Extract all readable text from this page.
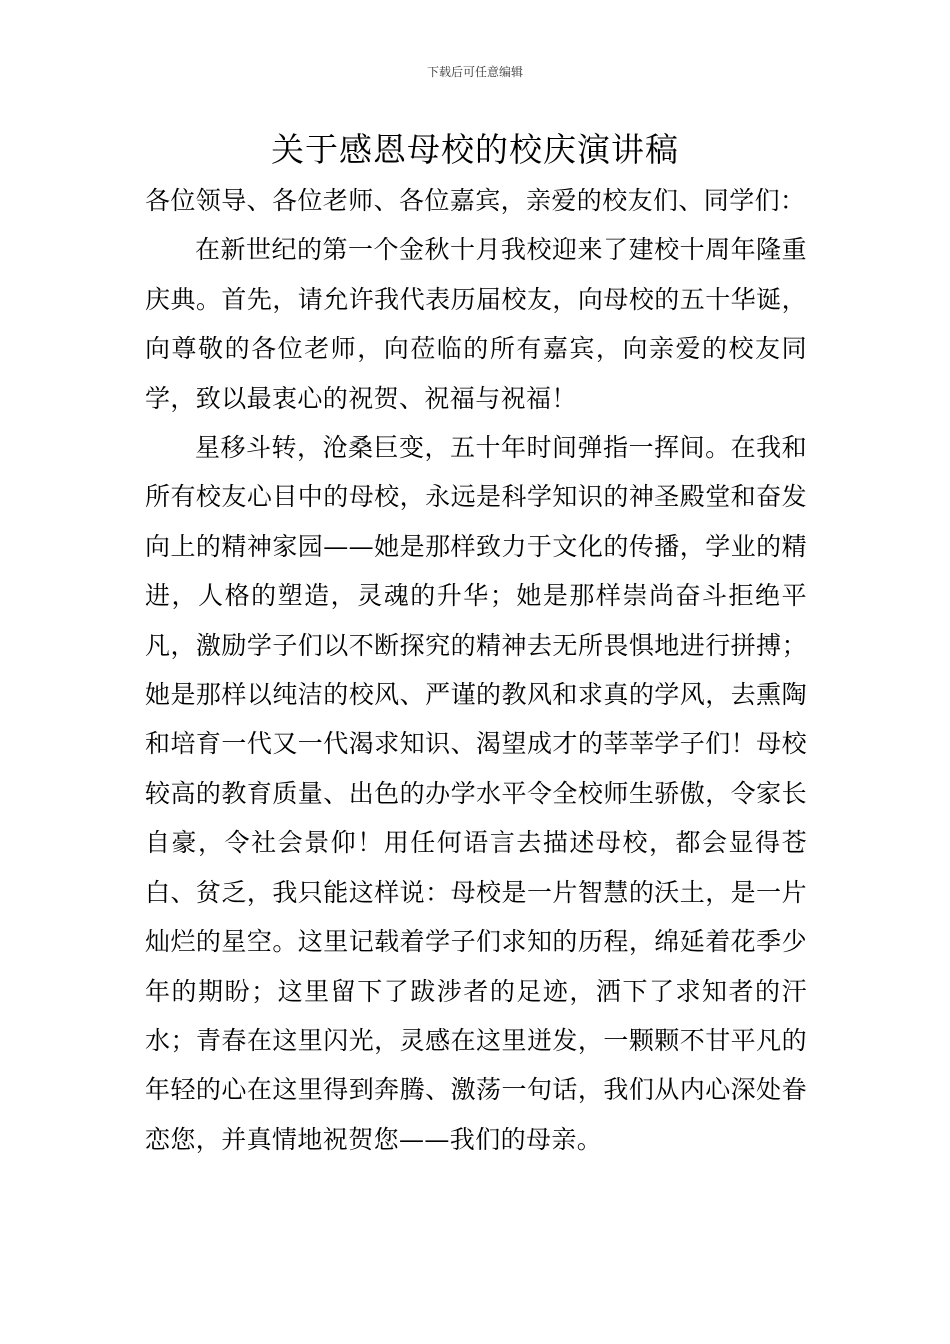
下载后可任意编辑
关于感恩母校的校庆演讲稿

各位领导、各位老师、各位嘉宾，亲爱的校友们、同学们：

在新世纪的第一个金秋十月我校迎来了建校十周年隆重庆典。首先，请允许我代表历届校友，向母校的五十华诞，向尊敬的各位老师，向莅临的所有嘉宾，向亲爱的校友同学，致以最衷心的祝贺、祝福与祝福！

星移斗转，沧桑巨变，五十年时间弹指一挥间。在我和所有校友心目中的母校，永远是科学知识的神圣殿堂和奋发向上的精神家园——她是那样致力于文化的传播，学业的精进，人格的塑造，灵魂的升华；她是那样崇尚奋斗拒绝平凡，激励学子们以不断探究的精神去无所畏惧地进行拼搏；她是那样以纯洁的校风、严谨的教风和求真的学风，去熏陶和培育一代又一代渴求知识、渴望成才的莘莘学子们！母校较高的教育质量、出色的办学水平令全校师生骄傲，令家长自豪，令社会景仰！用任何语言去描述母校，都会显得苍白、贫乏，我只能这样说：母校是一片智慧的沃土，是一片灿烂的星空。这里记载着学子们求知的历程，绵延着花季少年的期盼；这里留下了跋涉者的足迹，洒下了求知者的汗水；青春在这里闪光，灵感在这里迸发，一颗颗不甘平凡的年轻的心在这里得到奔腾、激荡一句话，我们从内心深处眷恋您，并真情地祝贺您——我们的母亲。
